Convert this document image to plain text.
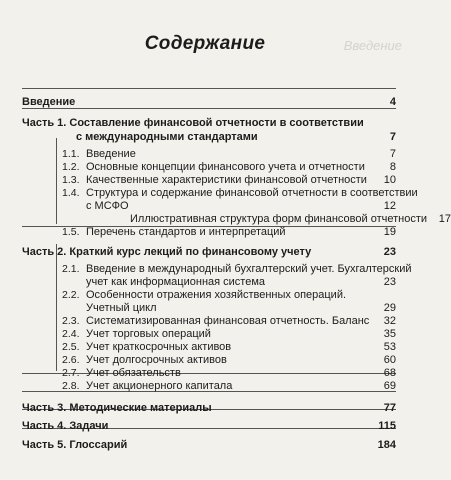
Введение
Содержание
Введение	4
Часть 1. Составление финансовой отчетности в соответствии
с международными стандартами	7
1.1. Введение	7
1.2. Основные концепции финансового учета и отчетности	8
1.3. Качественные характеристики финансовой отчетности	10
1.4. Структура и содержание финансовой отчетности в соответствии
с МСФО	12
Иллюстративная структура форм финансовой отчетности	17
1.5. Перечень стандартов и интерпретаций	19
Часть 2. Краткий курс лекций по финансовому учету	23
2.1. Введение в международный бухгалтерский учет. Бухгалтерский
учет как информационная система	23
2.2. Особенности отражения хозяйственных операций.
Учетный цикл	29
2.3. Систематизированная финансовая отчетность. Баланс	32
2.4. Учет торговых операций	35
2.5. Учет краткосрочных активов	53
2.6. Учет долгосрочных активов	60
2.7. Учет обязательств	68
2.8. Учет акционерного капитала	69
Часть 3. Методические материалы	77
Часть 4. Задачи	115
Часть 5. Глоссарий	184
